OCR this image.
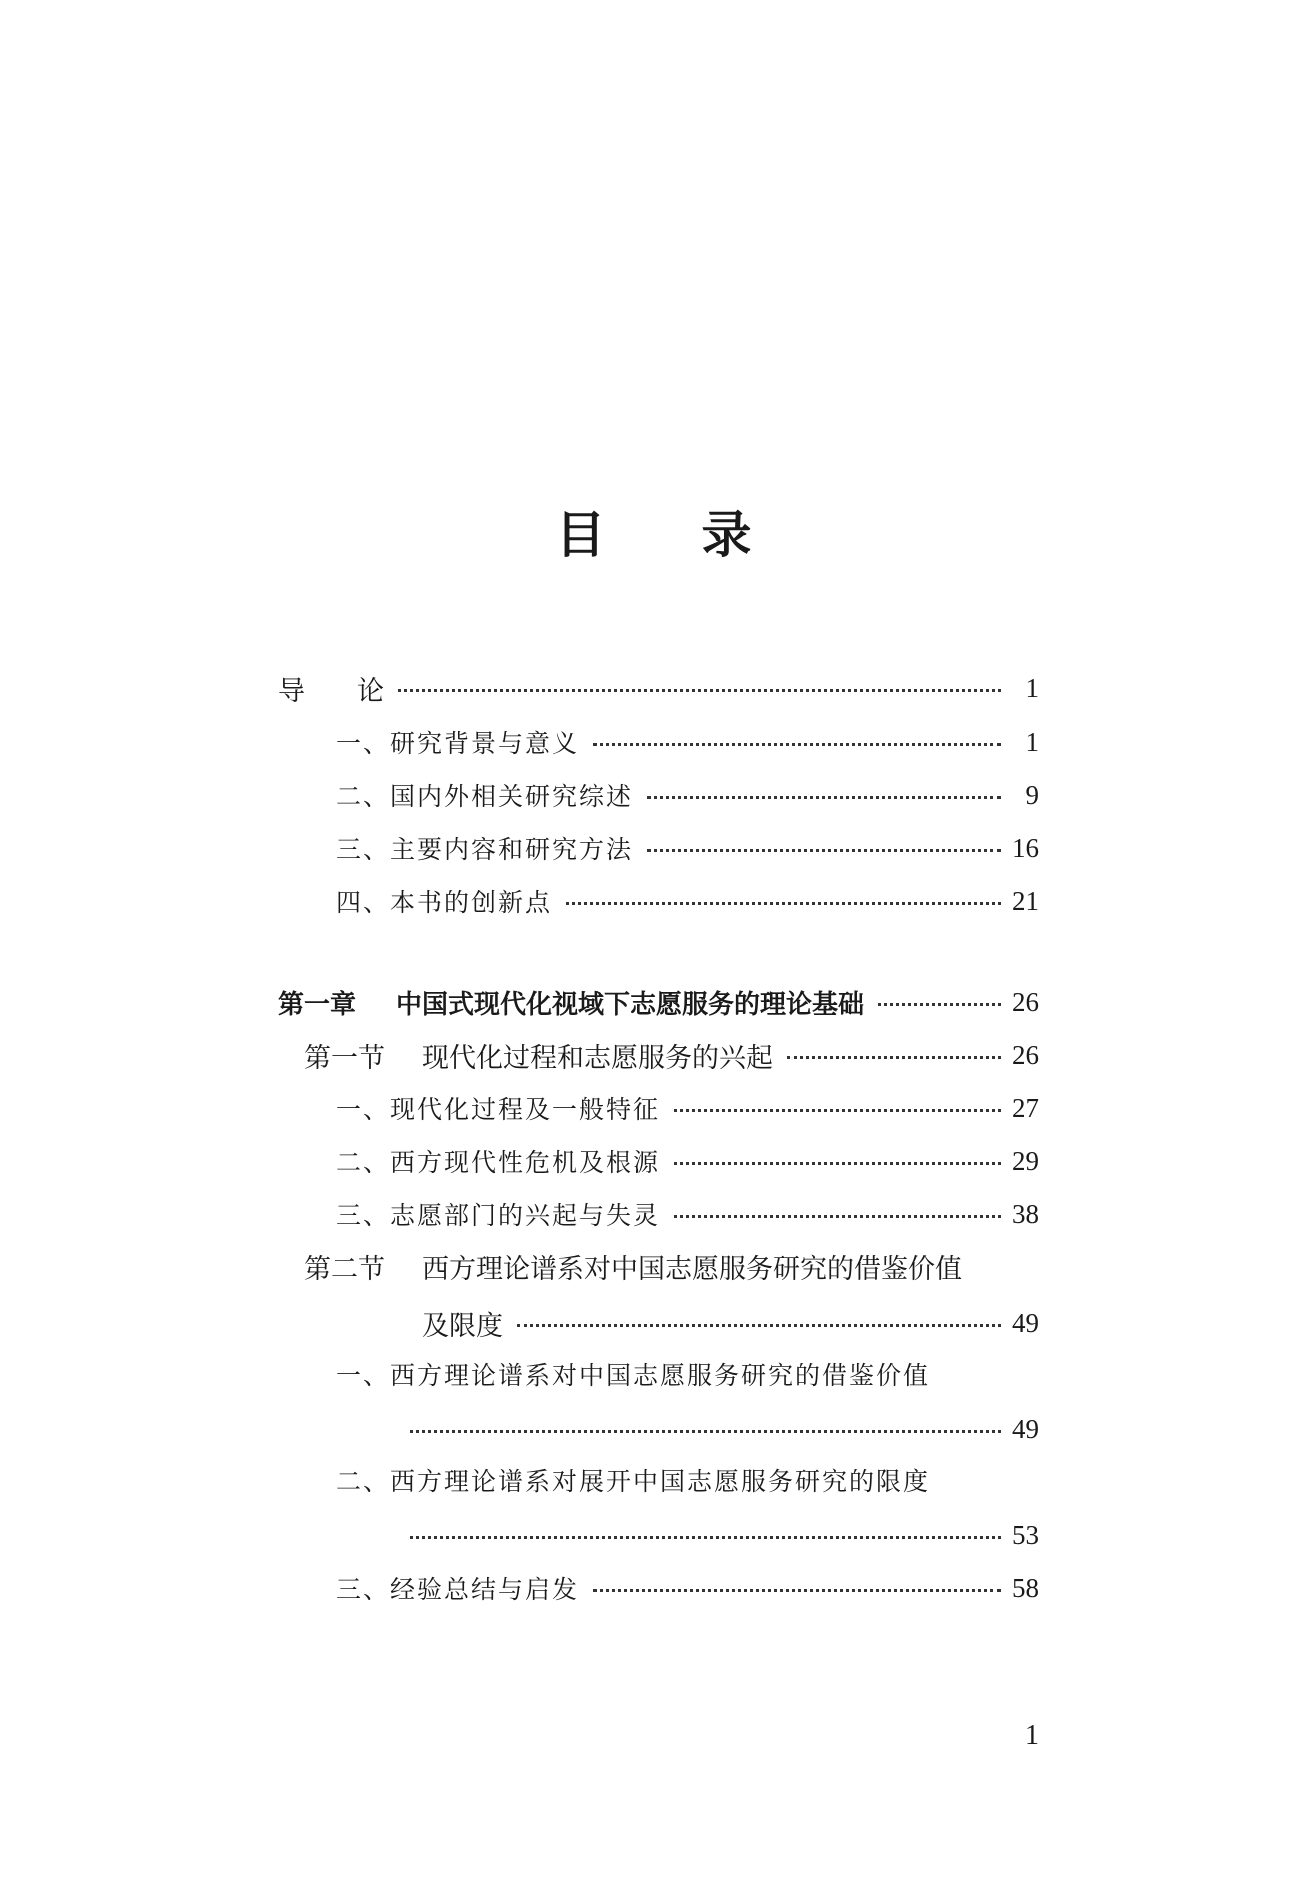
目 录
导 论	1
一、研究背景与意义	1
二、国内外相关研究综述	9
三、主要内容和研究方法	16
四、本书的创新点	21
第一章 中国式现代化视域下志愿服务的理论基础	26
第一节 现代化过程和志愿服务的兴起	26
一、现代化过程及一般特征	27
二、西方现代性危机及根源	29
三、志愿部门的兴起与失灵	38
第二节 西方理论谱系对中国志愿服务研究的借鉴价值
及限度	49
一、西方理论谱系对中国志愿服务研究的借鉴价值
49
二、西方理论谱系对展开中国志愿服务研究的限度
53
三、经验总结与启发	58
1
